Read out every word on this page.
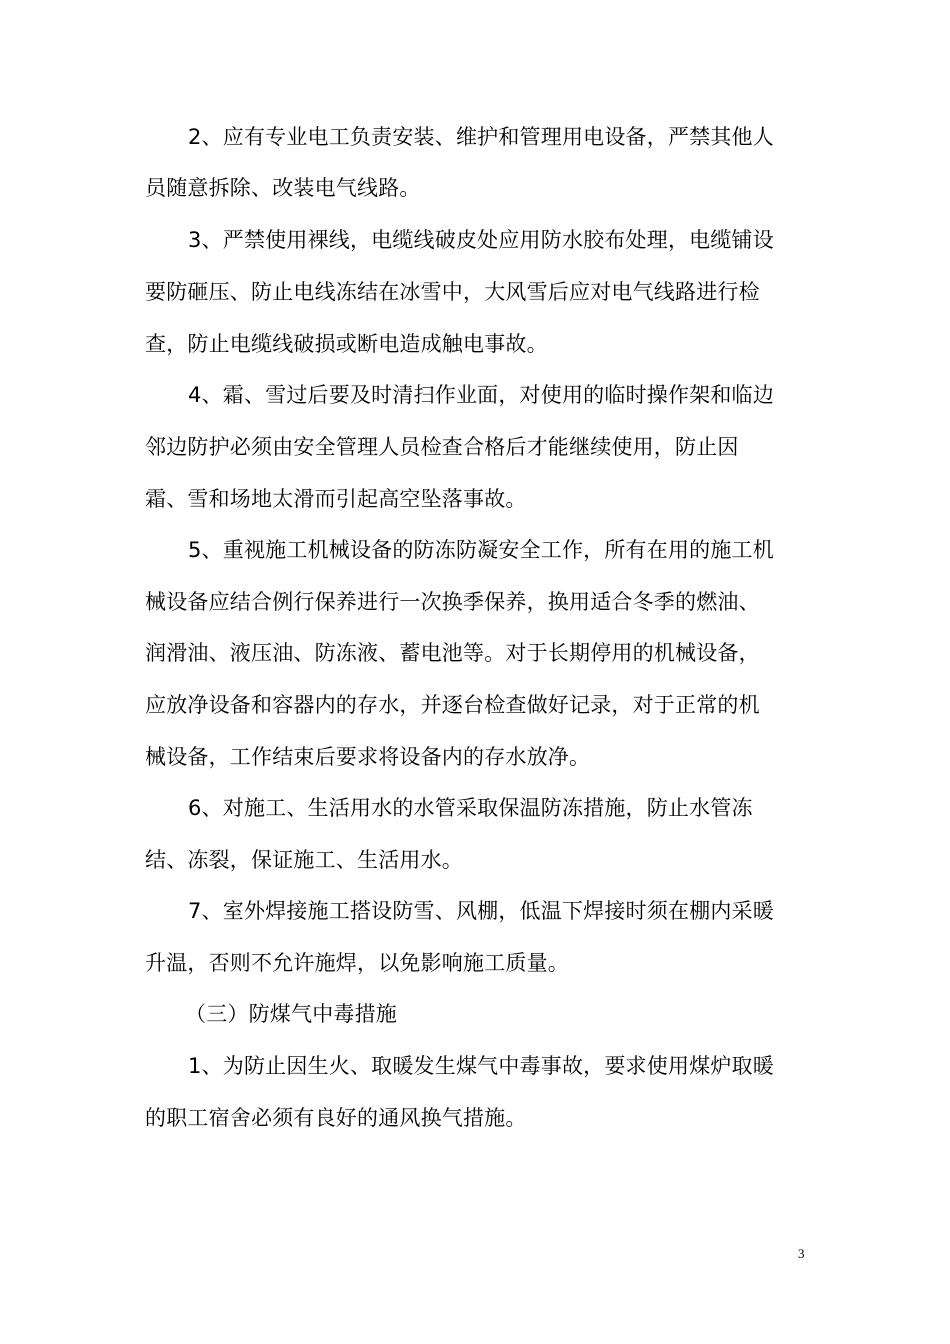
2、应有专业电工负责安装、维护和管理用电设备，严禁其他人
员随意拆除、改装电气线路。
3、严禁使用裸线，电缆线破皮处应用防水胶布处理，电缆铺设
要防砸压、防止电线冻结在冰雪中，大风雪后应对电气线路进行检
查，防止电缆线破损或断电造成触电事故。
4、霜、雪过后要及时清扫作业面，对使用的临时操作架和临边
邻边防护必须由安全管理人员检查合格后才能继续使用，防止因
霜、雪和场地太滑而引起高空坠落事故。
5、重视施工机械设备的防冻防凝安全工作，所有在用的施工机
械设备应结合例行保养进行一次换季保养，换用适合冬季的燃油、
润滑油、液压油、防冻液、蓄电池等。对于长期停用的机械设备，
应放净设备和容器内的存水，并逐台检查做好记录，对于正常的机
械设备，工作结束后要求将设备内的存水放净。
6、对施工、生活用水的水管采取保温防冻措施，防止水管冻
结、冻裂，保证施工、生活用水。
7、室外焊接施工搭设防雪、风棚，低温下焊接时须在棚内采暖
升温，否则不允许施焊，以免影响施工质量。
（三）防煤气中毒措施
1、为防止因生火、取暖发生煤气中毒事故，要求使用煤炉取暖
的职工宿舍必须有良好的通风换气措施。
3
